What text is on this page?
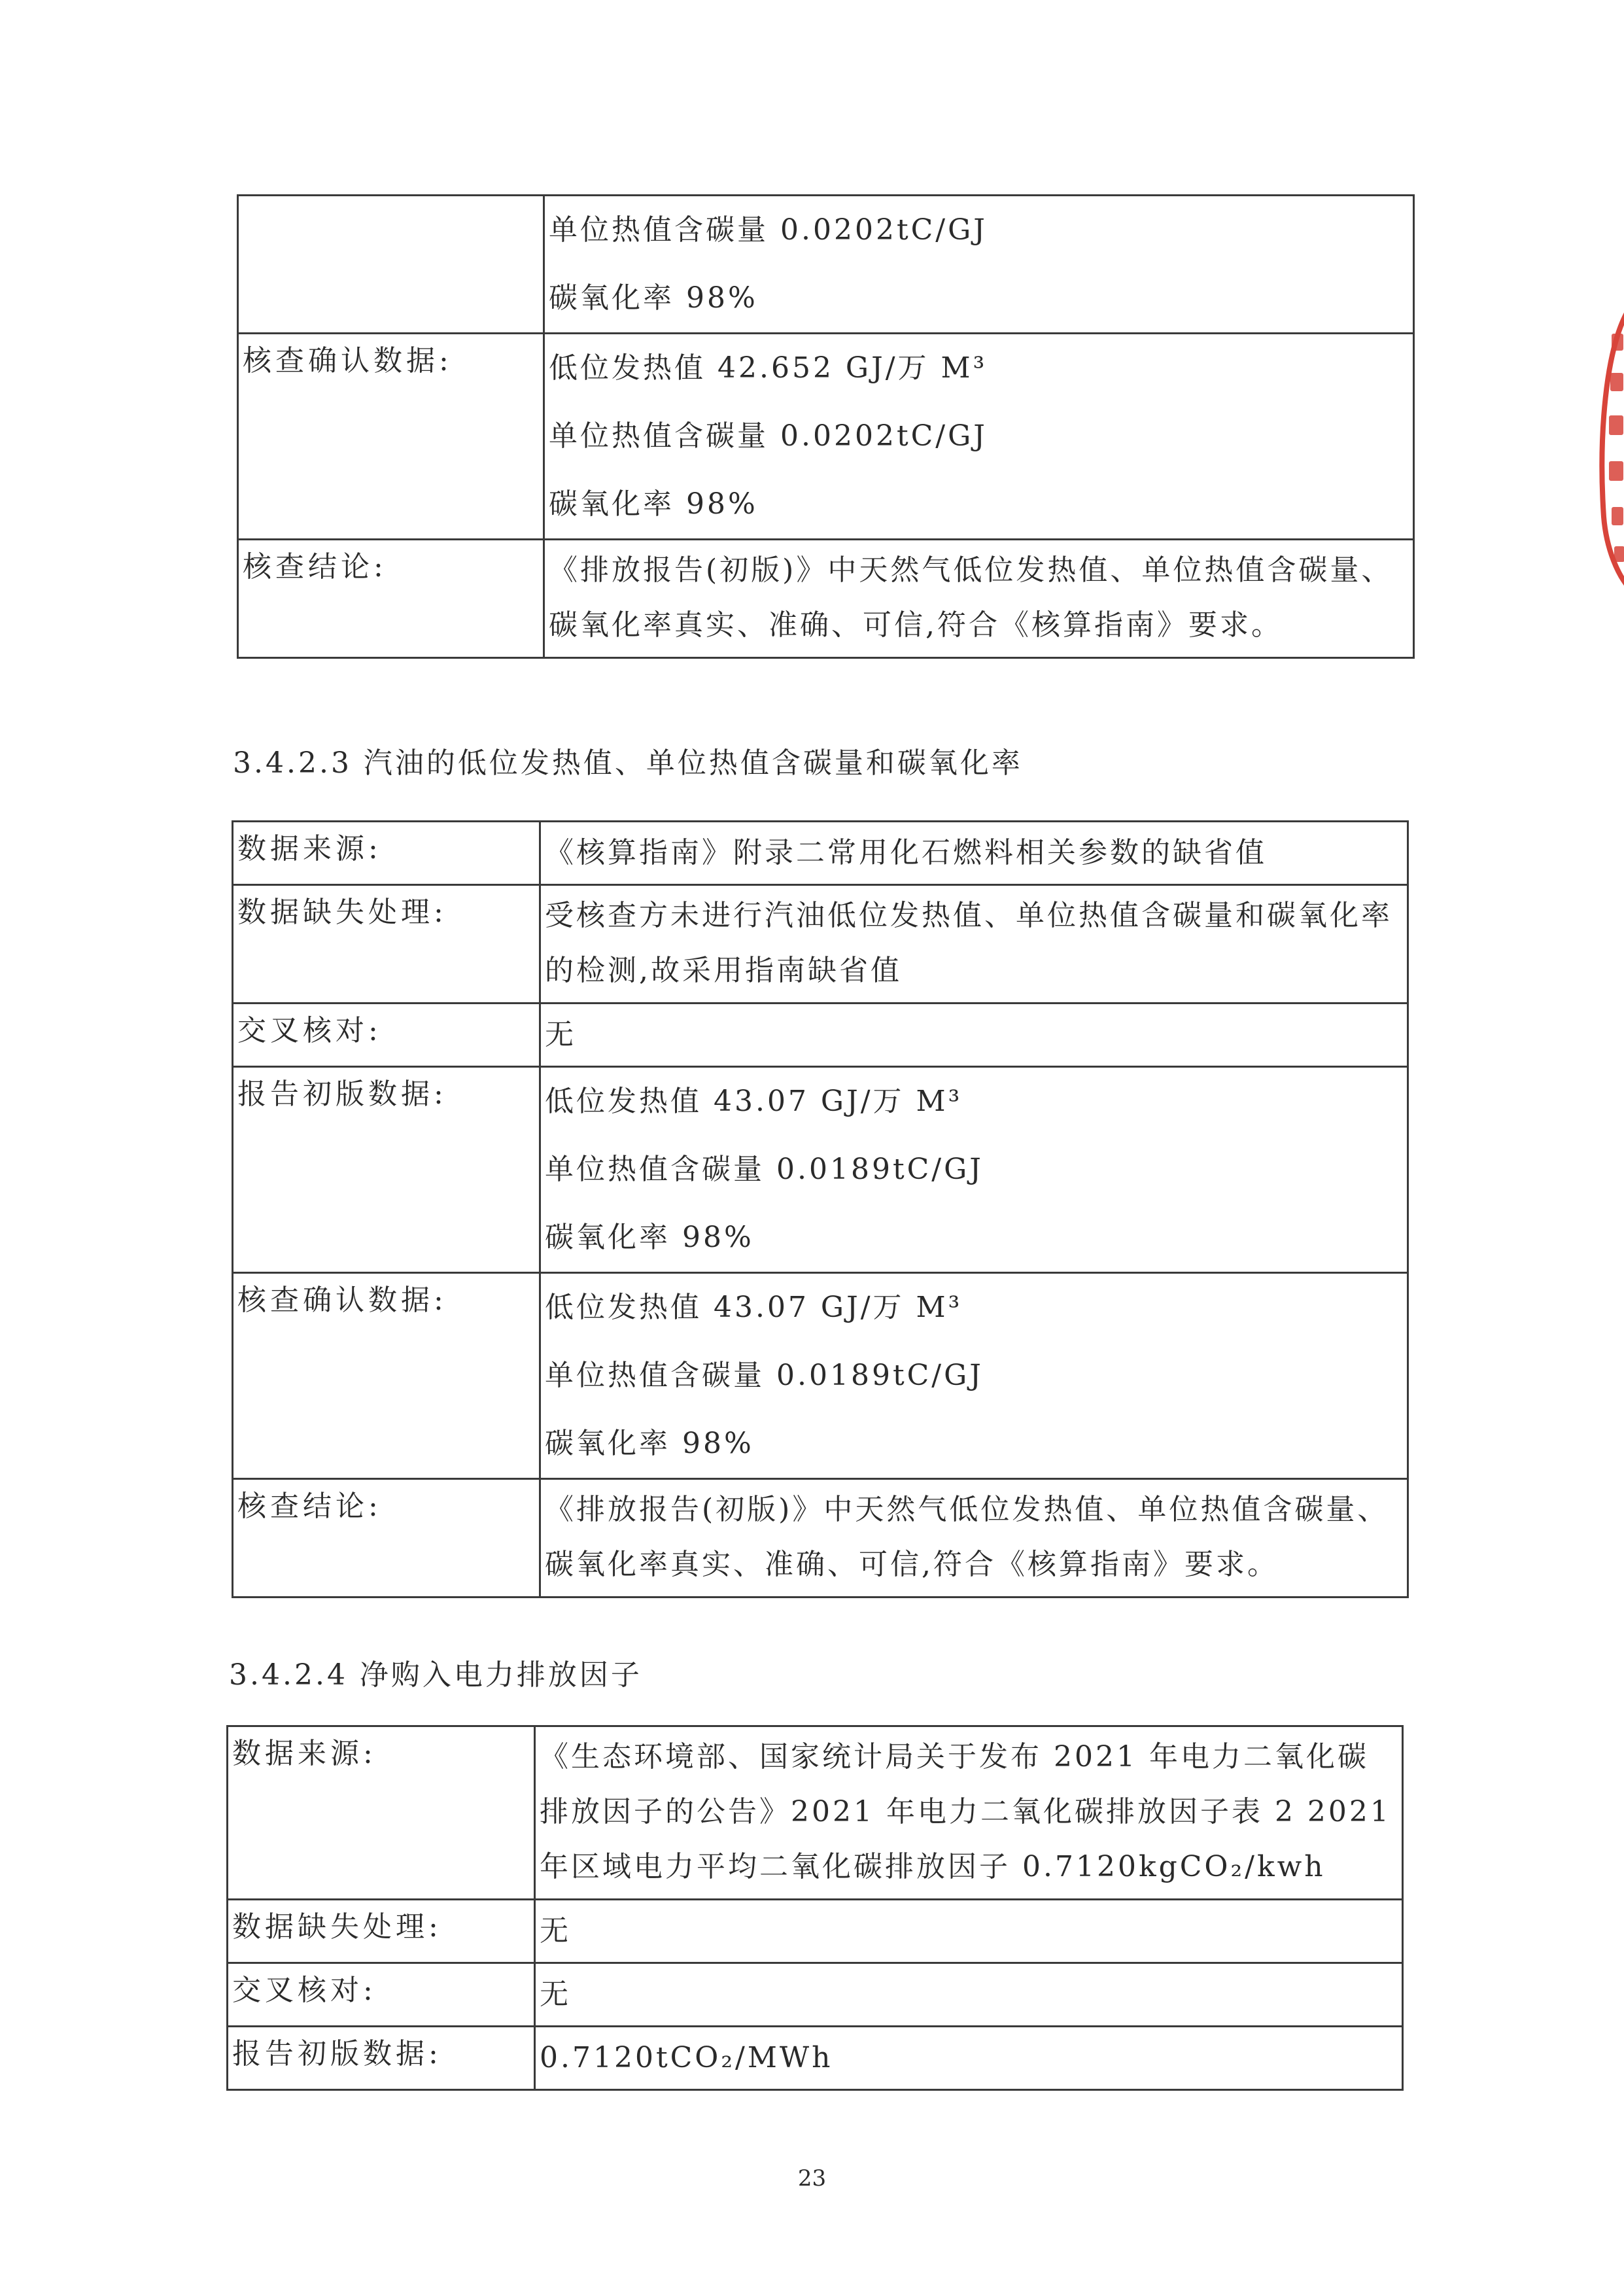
	单位热值含碳量 0.0202tC/GJ
碳氧化率 98%

核查确认数据:	低位发热值 42.652 GJ/万 M³
单位热值含碳量 0.0202tC/GJ
碳氧化率 98%

核查结论:	《排放报告(初版)》中天然气低位发热值、单位热值含碳量、碳氧化率真实、准确、可信,符合《核算指南》要求。
3.4.2.3 汽油的低位发热值、单位热值含碳量和碳氧化率
数据来源:	《核算指南》附录二常用化石燃料相关参数的缺省值

数据缺失处理:	受核查方未进行汽油低位发热值、单位热值含碳量和碳氧化率的检测,故采用指南缺省值

交叉核对:	无

报告初版数据:	低位发热值 43.07 GJ/万 M³
单位热值含碳量 0.0189tC/GJ
碳氧化率 98%

核查确认数据:	低位发热值 43.07 GJ/万 M³
单位热值含碳量 0.0189tC/GJ
碳氧化率 98%

核查结论:	《排放报告(初版)》中天然气低位发热值、单位热值含碳量、碳氧化率真实、准确、可信,符合《核算指南》要求。
3.4.2.4 净购入电力排放因子
数据来源:	《生态环境部、国家统计局关于发布 2021 年电力二氧化碳排放因子的公告》2021 年电力二氧化碳排放因子表 2 2021 年区域电力平均二氧化碳排放因子 0.7120kgCO₂/kwh

数据缺失处理:	无

交叉核对:	无

报告初版数据:	0.7120tCO₂/MWh
23
